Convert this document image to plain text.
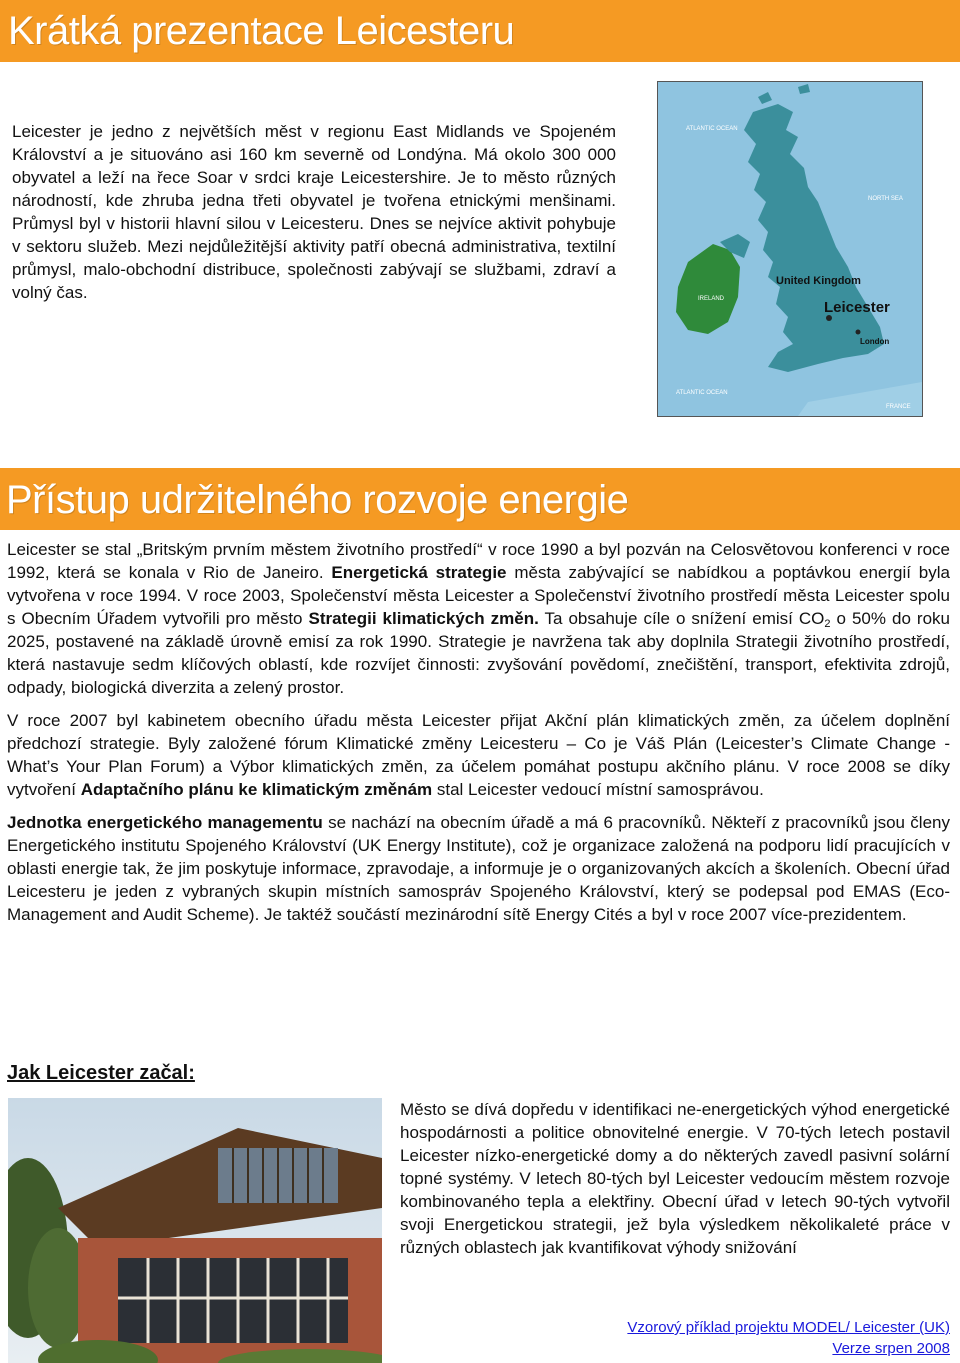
Krátká prezentace Leicesteru

Leicester je jedno z největších měst v regionu East Midlands ve Spojeném Království a je situováno asi 160 km severně od Londýna. Má okolo 300 000 obyvatel a leží na řece Soar v srdci kraje Leicestershire. Je to město různých národností, kde zhruba jedna třeti obyvatel je tvořena etnickými menšinami. Průmysl byl v historii hlavní silou v Leicesteru. Dnes se nejvíce aktivit pohybuje v sektoru služeb. Mezi nejdůležitější aktivity patří obecná administrativa, textilní průmysl, malo-obchodní distribuce, společnosti zabývají se službami, zdraví a volný čas.

ATLANTIC OCEAN
NORTH SEA
IRELAND
United Kingdom
Leicester
London
ATLANTIC OCEAN
FRANCE
Přístup udržitelného rozvoje energie

Leicester se stal „Britským prvním městem životního prostředí“ v roce 1990 a byl pozván na Celosvětovou konferenci v roce 1992, která se konala v Rio de Janeiro. Energetická strategie města zabývající se nabídkou a poptávkou energií byla vytvořena v roce 1994. V roce 2003, Společenství města Leicester a Společenství životního prostředí města Leicester spolu s Obecním Úřadem vytvořili pro město Strategii klimatických změn. Ta obsahuje cíle o snížení emisí $CO_2$ o 50% do roku 2025, postavené na základě úrovně emisí za rok 1990. Strategie je navržena tak aby doplnila Strategii životního prostředí, která nastavuje sedm klíčových oblastí, kde rozvíjet činnosti: zvyšování povědomí, znečištění, transport, efektivita zdrojů, odpady, biologická diverzita a zelený prostor.

V roce 2007 byl kabinetem obecního úřadu města Leicester přijat Akční plán klimatických změn, za účelem doplnění předchozí strategie. Byly založené fórum Klimatické změny Leicesteru – Co je Váš Plán (Leicester’s Climate Change - What’s Your Plan Forum) a Výbor klimatických změn, za účelem pomáhat postupu akčního plánu. V roce 2008 se díky vytvoření Adaptačního plánu ke klimatickým změnám stal Leicester vedoucí místní samosprávou.

Jednotka energetického managementu se nachází na obecním úřadě a má 6 pracovníků. Někteří z pracovníků jsou členy Energetického institutu Spojeného Království (UK Energy Institute), což je organizace založená na podporu lidí pracujících v oblasti energie tak, že jim poskytuje informace, zpravodaje, a informuje je o organizovaných akcích a školeních. Obecní úřad Leicesteru je jeden z vybraných skupin místních samospráv Spojeného Království, který se podepsal pod EMAS (Eco-Management and Audit Scheme). Je taktéž součástí mezinárodní sítě Energy Cités a byl v roce 2007 více-prezidentem.

Jak Leicester začal:

Město se dívá dopředu v identifikaci ne-energetických výhod energetické hospodárnosti a politice obnovitelné energie. V 70-tých letech postavil Leicester nízko-energetické domy a do některých zavedl pasivní solární topné systémy. V letech 80-tých byl Leicester vedoucím městem rozvoje kombinovaného tepla a elektřiny. Obecní úřad v letech 90-tých vytvořil svoji Energetickou strategii, jež byla výsledkem několikaleté práce v různých oblastech jak kvantifikovat výhody snižování

Vzorový příklad projektu MODEL/ Leicester (UK)
Verze srpen 2008
